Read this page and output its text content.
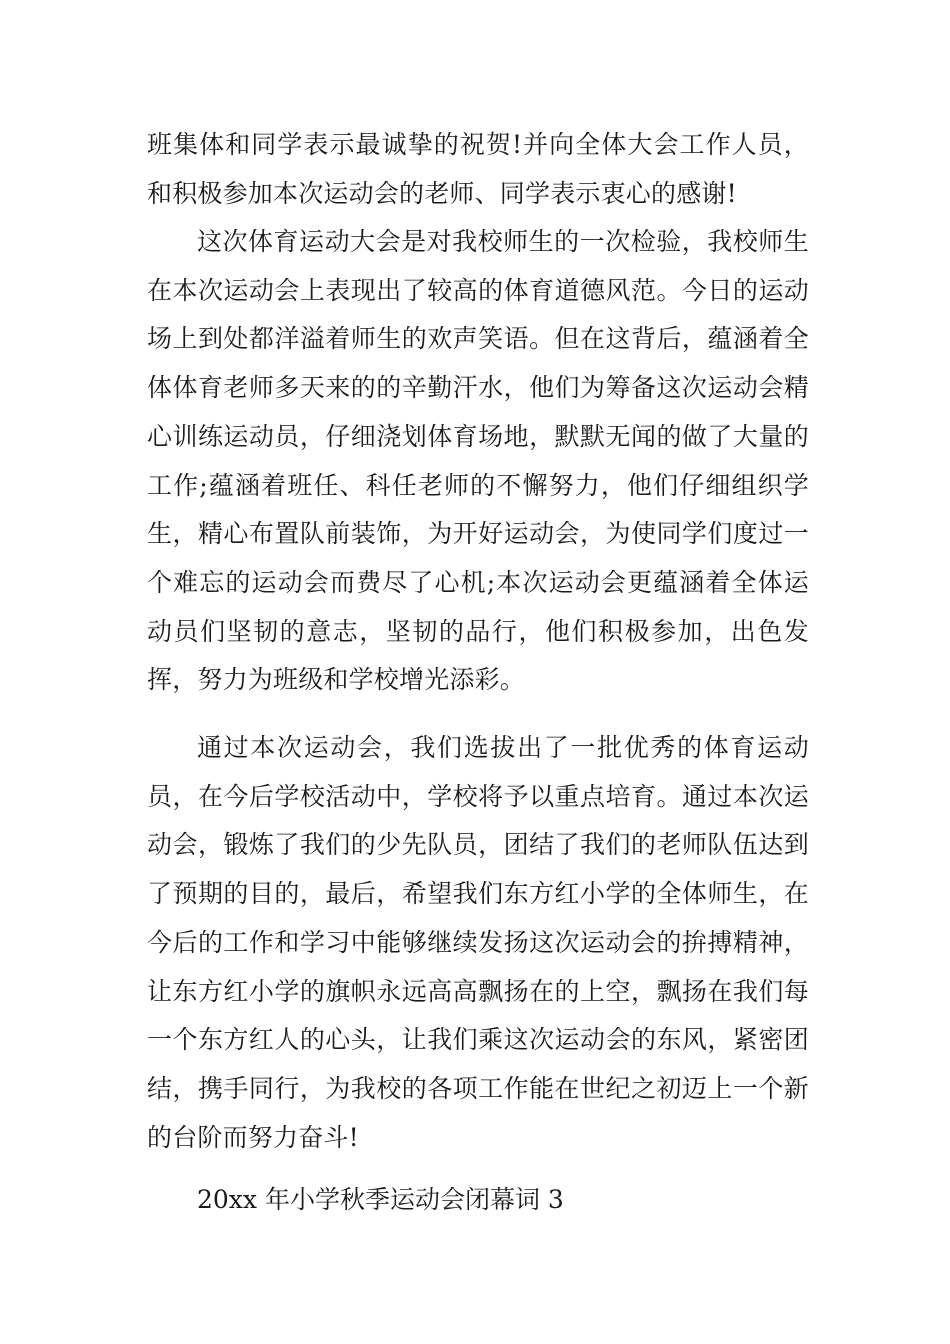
班集体和同学表示最诚挚的祝贺!并向全体大会工作人员，和积极参加本次运动会的老师、同学表示衷心的感谢!

这次体育运动大会是对我校师生的一次检验，我校师生在本次运动会上表现出了较高的体育道德风范。今日的运动场上到处都洋溢着师生的欢声笑语。但在这背后，蕴涵着全体体育老师多天来的的辛勤汗水，他们为筹备这次运动会精心训练运动员，仔细浇划体育场地，默默无闻的做了大量的工作;蕴涵着班任、科任老师的不懈努力，他们仔细组织学生，精心布置队前装饰，为开好运动会，为使同学们度过一个难忘的运动会而费尽了心机;本次运动会更蕴涵着全体运动员们坚韧的意志，坚韧的品行，他们积极参加，出色发挥，努力为班级和学校增光添彩。

通过本次运动会，我们选拔出了一批优秀的体育运动员，在今后学校活动中，学校将予以重点培育。通过本次运动会，锻炼了我们的少先队员，团结了我们的老师队伍达到了预期的目的，最后，希望我们东方红小学的全体师生，在今后的工作和学习中能够继续发扬这次运动会的拚搏精神，让东方红小学的旗帜永远高高飘扬在的上空，飘扬在我们每一个东方红人的心头，让我们乘这次运动会的东风，紧密团结，携手同行，为我校的各项工作能在世纪之初迈上一个新的台阶而努力奋斗!

20xx 年小学秋季运动会闭幕词 3
